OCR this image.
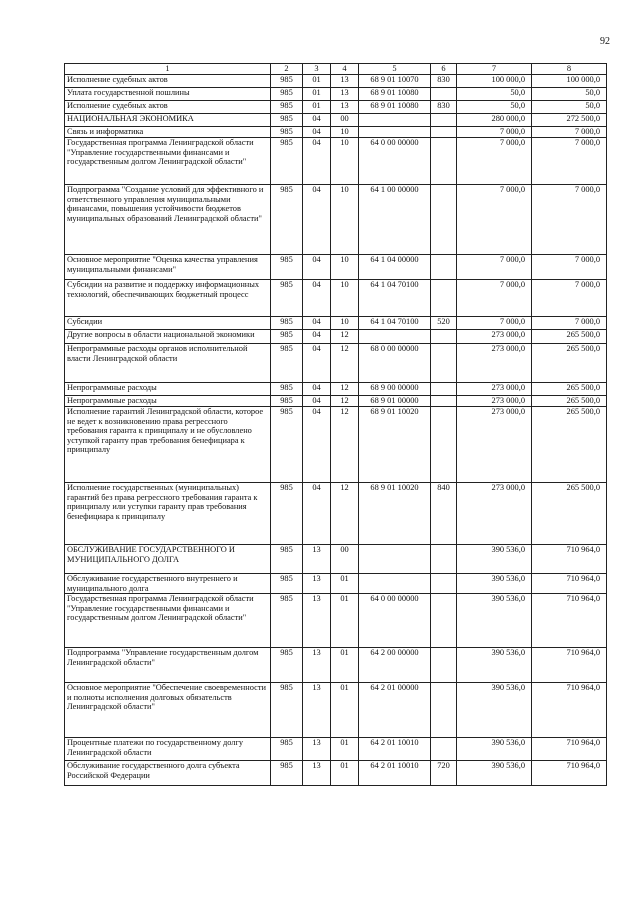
92
1	2	3	4	5	6	7	8
Исполнение судебных актов	985	01	13	68 9 01 10070	830	100 000,0	100 000,0
Уплата государственной пошлины	985	01	13	68 9 01 10080		50,0	50,0
Исполнение судебных актов	985	01	13	68 9 01 10080	830	50,0	50,0
НАЦИОНАЛЬНАЯ ЭКОНОМИКА	985	04	00			280 000,0	272 500,0
Связь и информатика	985	04	10			7 000,0	7 000,0
Государственная программа Ленинградской области "Управление государственными финансами и государственным долгом Ленинградской области"	985	04	10	64 0 00 00000		7 000,0	7 000,0
Подпрограмма "Создание условий для эффективного и ответственного управления муниципальными финансами, повышения устойчивости бюджетов муниципальных образований Ленинградской области"	985	04	10	64 1 00 00000		7 000,0	7 000,0
Основное мероприятие "Оценка качества управления муниципальными финансами"	985	04	10	64 1 04 00000		7 000,0	7 000,0
Субсидии на развитие и поддержку информационных технологий, обеспечивающих бюджетный процесс	985	04	10	64 1 04 70100		7 000,0	7 000,0
Субсидии	985	04	10	64 1 04 70100	520	7 000,0	7 000,0
Другие вопросы в области национальной экономики	985	04	12			273 000,0	265 500,0
Непрограммные расходы органов исполнительной власти Ленинградской области	985	04	12	68 0 00 00000		273 000,0	265 500,0
Непрограммные расходы	985	04	12	68 9 00 00000		273 000,0	265 500,0
Непрограммные расходы	985	04	12	68 9 01 00000		273 000,0	265 500,0
Исполнение гарантий Ленинградской области, которое не ведет к возникновению права регрессного требования гаранта к принципалу и не обусловлено уступкой гаранту прав требования бенефициара к принципалу	985	04	12	68 9 01 10020		273 000,0	265 500,0
Исполнение государственных (муниципальных) гарантий без права регрессного требования гаранта к принципалу или уступки гаранту прав требования бенефициара к принципалу	985	04	12	68 9 01 10020	840	273 000,0	265 500,0
ОБСЛУЖИВАНИЕ ГОСУДАРСТВЕННОГО И МУНИЦИПАЛЬНОГО ДОЛГА	985	13	00			390 536,0	710 964,0
Обслуживание государственного внутреннего и муниципального долга	985	13	01			390 536,0	710 964,0
Государственная программа Ленинградской области "Управление государственными финансами и государственным долгом Ленинградской области"	985	13	01	64 0 00 00000		390 536,0	710 964,0
Подпрограмма "Управление государственным долгом Ленинградской области"	985	13	01	64 2 00 00000		390 536,0	710 964,0
Основное мероприятие "Обеспечение своевременности и полноты исполнения долговых обязательств Ленинградской области"	985	13	01	64 2 01 00000		390 536,0	710 964,0
Процентные платежи по государственному долгу Ленинградской области	985	13	01	64 2 01 10010		390 536,0	710 964,0
Обслуживание государственного долга субъекта Российской Федерации	985	13	01	64 2 01 10010	720	390 536,0	710 964,0
